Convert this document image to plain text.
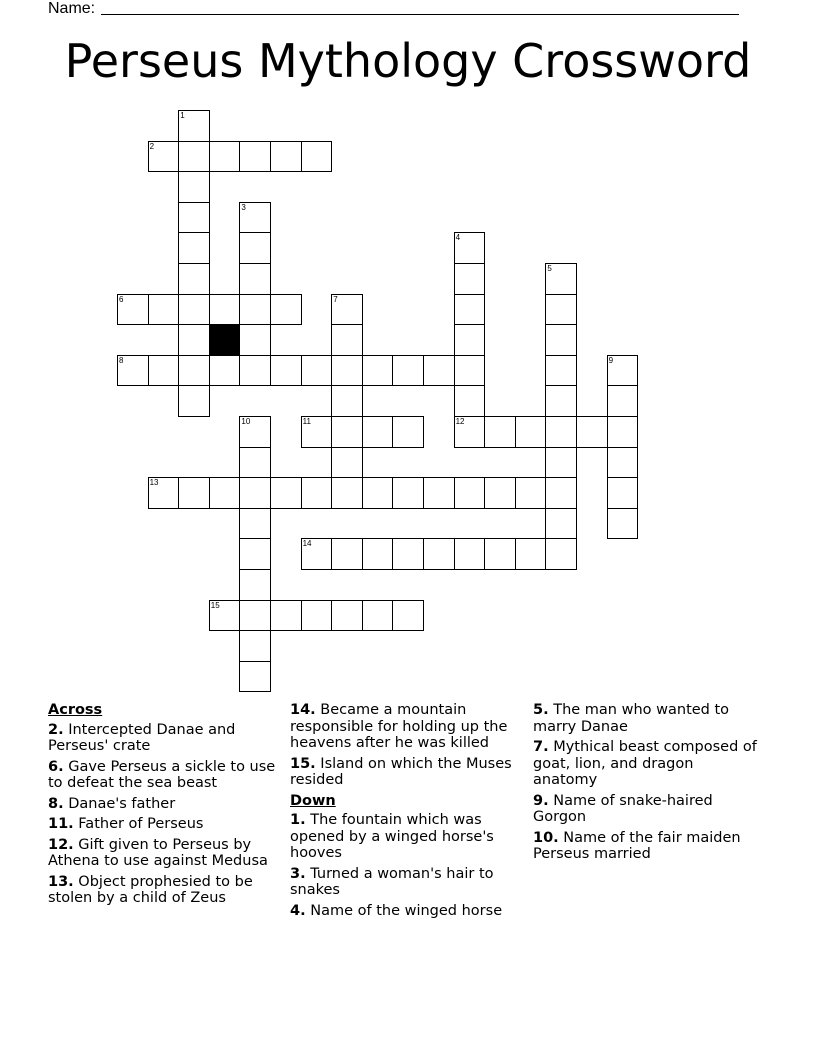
Name:
Perseus Mythology Crossword
1
2
3
4
5
6	7
8	9
10	11	12
13
14
15
Across
2. Intercepted Danae and Perseus' crate
6. Gave Perseus a sickle to use to defeat the sea beast
8. Danae's father
11. Father of Perseus
12. Gift given to Perseus by Athena to use against Medusa
13. Object prophesied to be stolen by a child of Zeus
14. Became a mountain responsible for holding up the heavens after he was killed
15. Island on which the Muses resided
Down
1. The fountain which was opened by a winged horse's hooves
3. Turned a woman's hair to snakes
4. Name of the winged horse
5. The man who wanted to marry Danae
7. Mythical beast composed of goat, lion, and dragon anatomy
9. Name of snake-haired Gorgon
10. Name of the fair maiden Perseus married
